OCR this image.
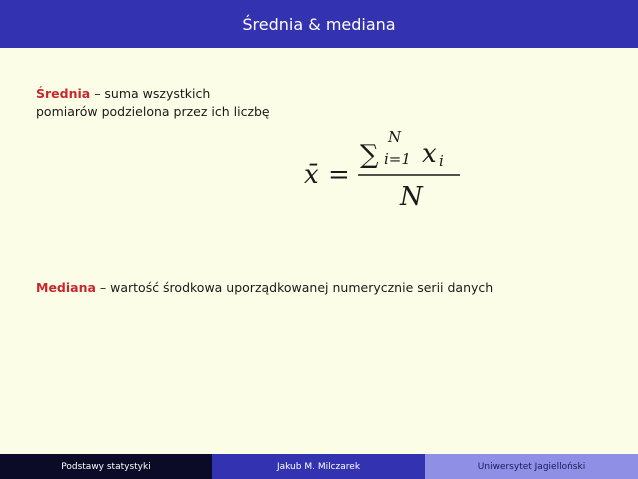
Średnia & mediana
Średnia – suma wszystkich pomiarów podzielona przez ich liczbę
x̄ =
∑
N
i=1 x i
N
Mediana – wartość środkowa uporządkowanej numerycznie serii danych
Podstawy statystyki	Jakub M. Milczarek	Uniwersytet Jagielloński
